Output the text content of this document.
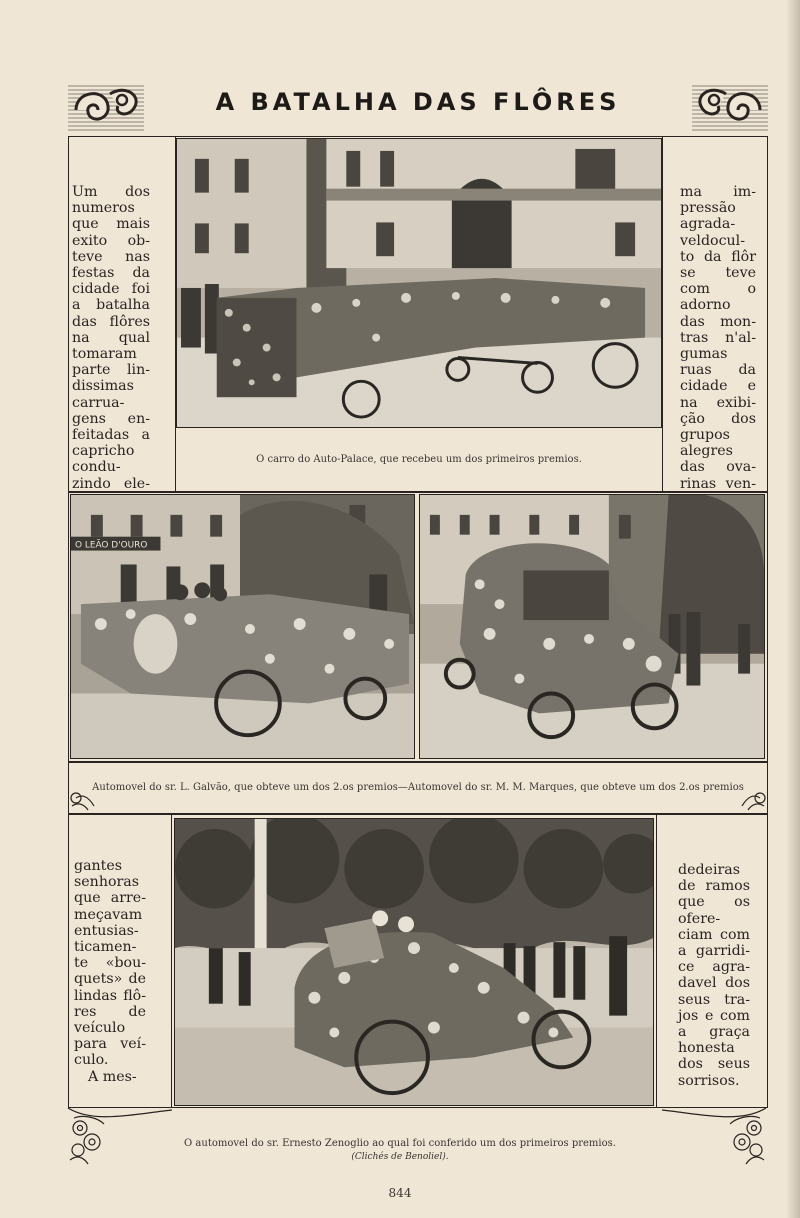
A BATALHA DAS FLÔRES
Um dos
numeros
que mais
exito ob-
teve nas
festas da
cidade foi
a batalha
das flôres
na qual
tomaram
parte lin-
dissimas
carrua-
gens en-
feitadas a
capricho
condu-
zindo ele-
ma im-
pressão
agrada-
veldocul-
to da flôr
se teve
com o
adorno
das mon-
tras n'al-
gumas
ruas da
cidade e
na exibi-
ção dos
grupos
alegres
das ova-
rinas ven-
O carro do Auto-Palace, que recebeu um dos primeiros premios.
O LEÃO D'OURO
Automovel do sr. L. Galvão, que obteve um dos 2.os premios—Automovel do sr. M. M. Marques, que obteve um dos 2.os premios
gantes
senhoras
que arre-
meçavam
entusias-
ticamen-
te «bou-
quets» de
lindas flô-
res de
veículo
para veí-
culo.
A mes-
dedeiras
de ramos
que os
ofere-
ciam com
a garridi-
ce agra-
davel dos
seus tra-
jos e com
a graça
honesta
dos seus
sorrisos.
O automovel do sr. Ernesto Zenoglio ao qual foi conferido um dos primeiros premios.
(Clichés de Benoliel).
844
